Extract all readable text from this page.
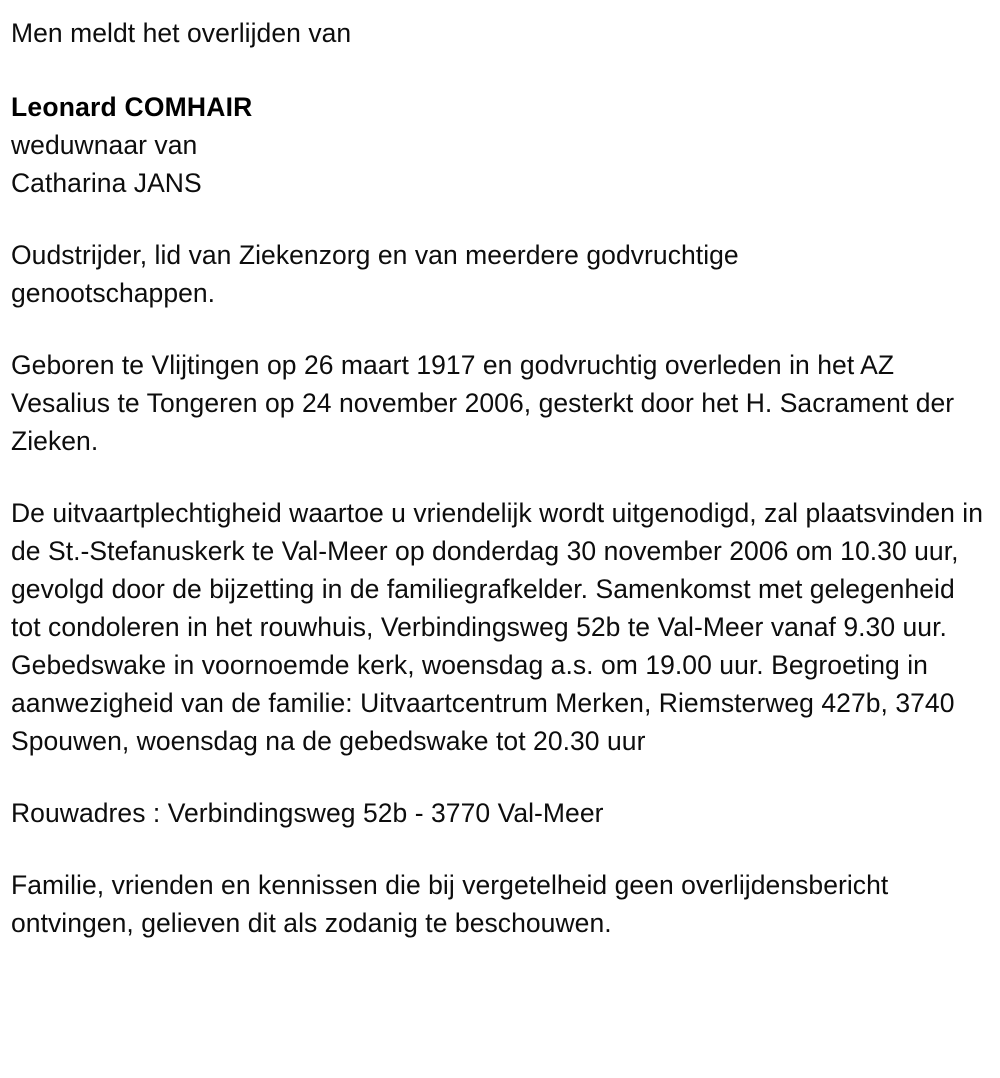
Men meldt het overlijden van
Leonard COMHAIR
weduwnaar van
Catharina JANS
Oudstrijder, lid van Ziekenzorg en van meerdere godvruchtige genootschappen.
Geboren te Vlijtingen op 26 maart 1917 en godvruchtig overleden in het AZ Vesalius te Tongeren op 24 november 2006, gesterkt door het H. Sacrament der Zieken.
De uitvaartplechtigheid waartoe u vriendelijk wordt uitgenodigd, zal plaatsvinden in de St.-Stefanuskerk te Val-Meer op donderdag 30 november 2006 om 10.30 uur, gevolgd door de bijzetting in de familiegrafkelder. Samenkomst met gelegenheid tot condoleren in het rouwhuis, Verbindingsweg 52b te Val-Meer vanaf 9.30 uur. Gebedswake in voornoemde kerk, woensdag a.s. om 19.00 uur. Begroeting in aanwezigheid van de familie: Uitvaartcentrum Merken, Riemsterweg 427b, 3740 Spouwen, woensdag na de gebedswake tot 20.30 uur
Rouwadres : Verbindingsweg 52b - 3770 Val-Meer
Familie, vrienden en kennissen die bij vergetelheid geen overlijdensbericht ontvingen, gelieven dit als zodanig te beschouwen.
